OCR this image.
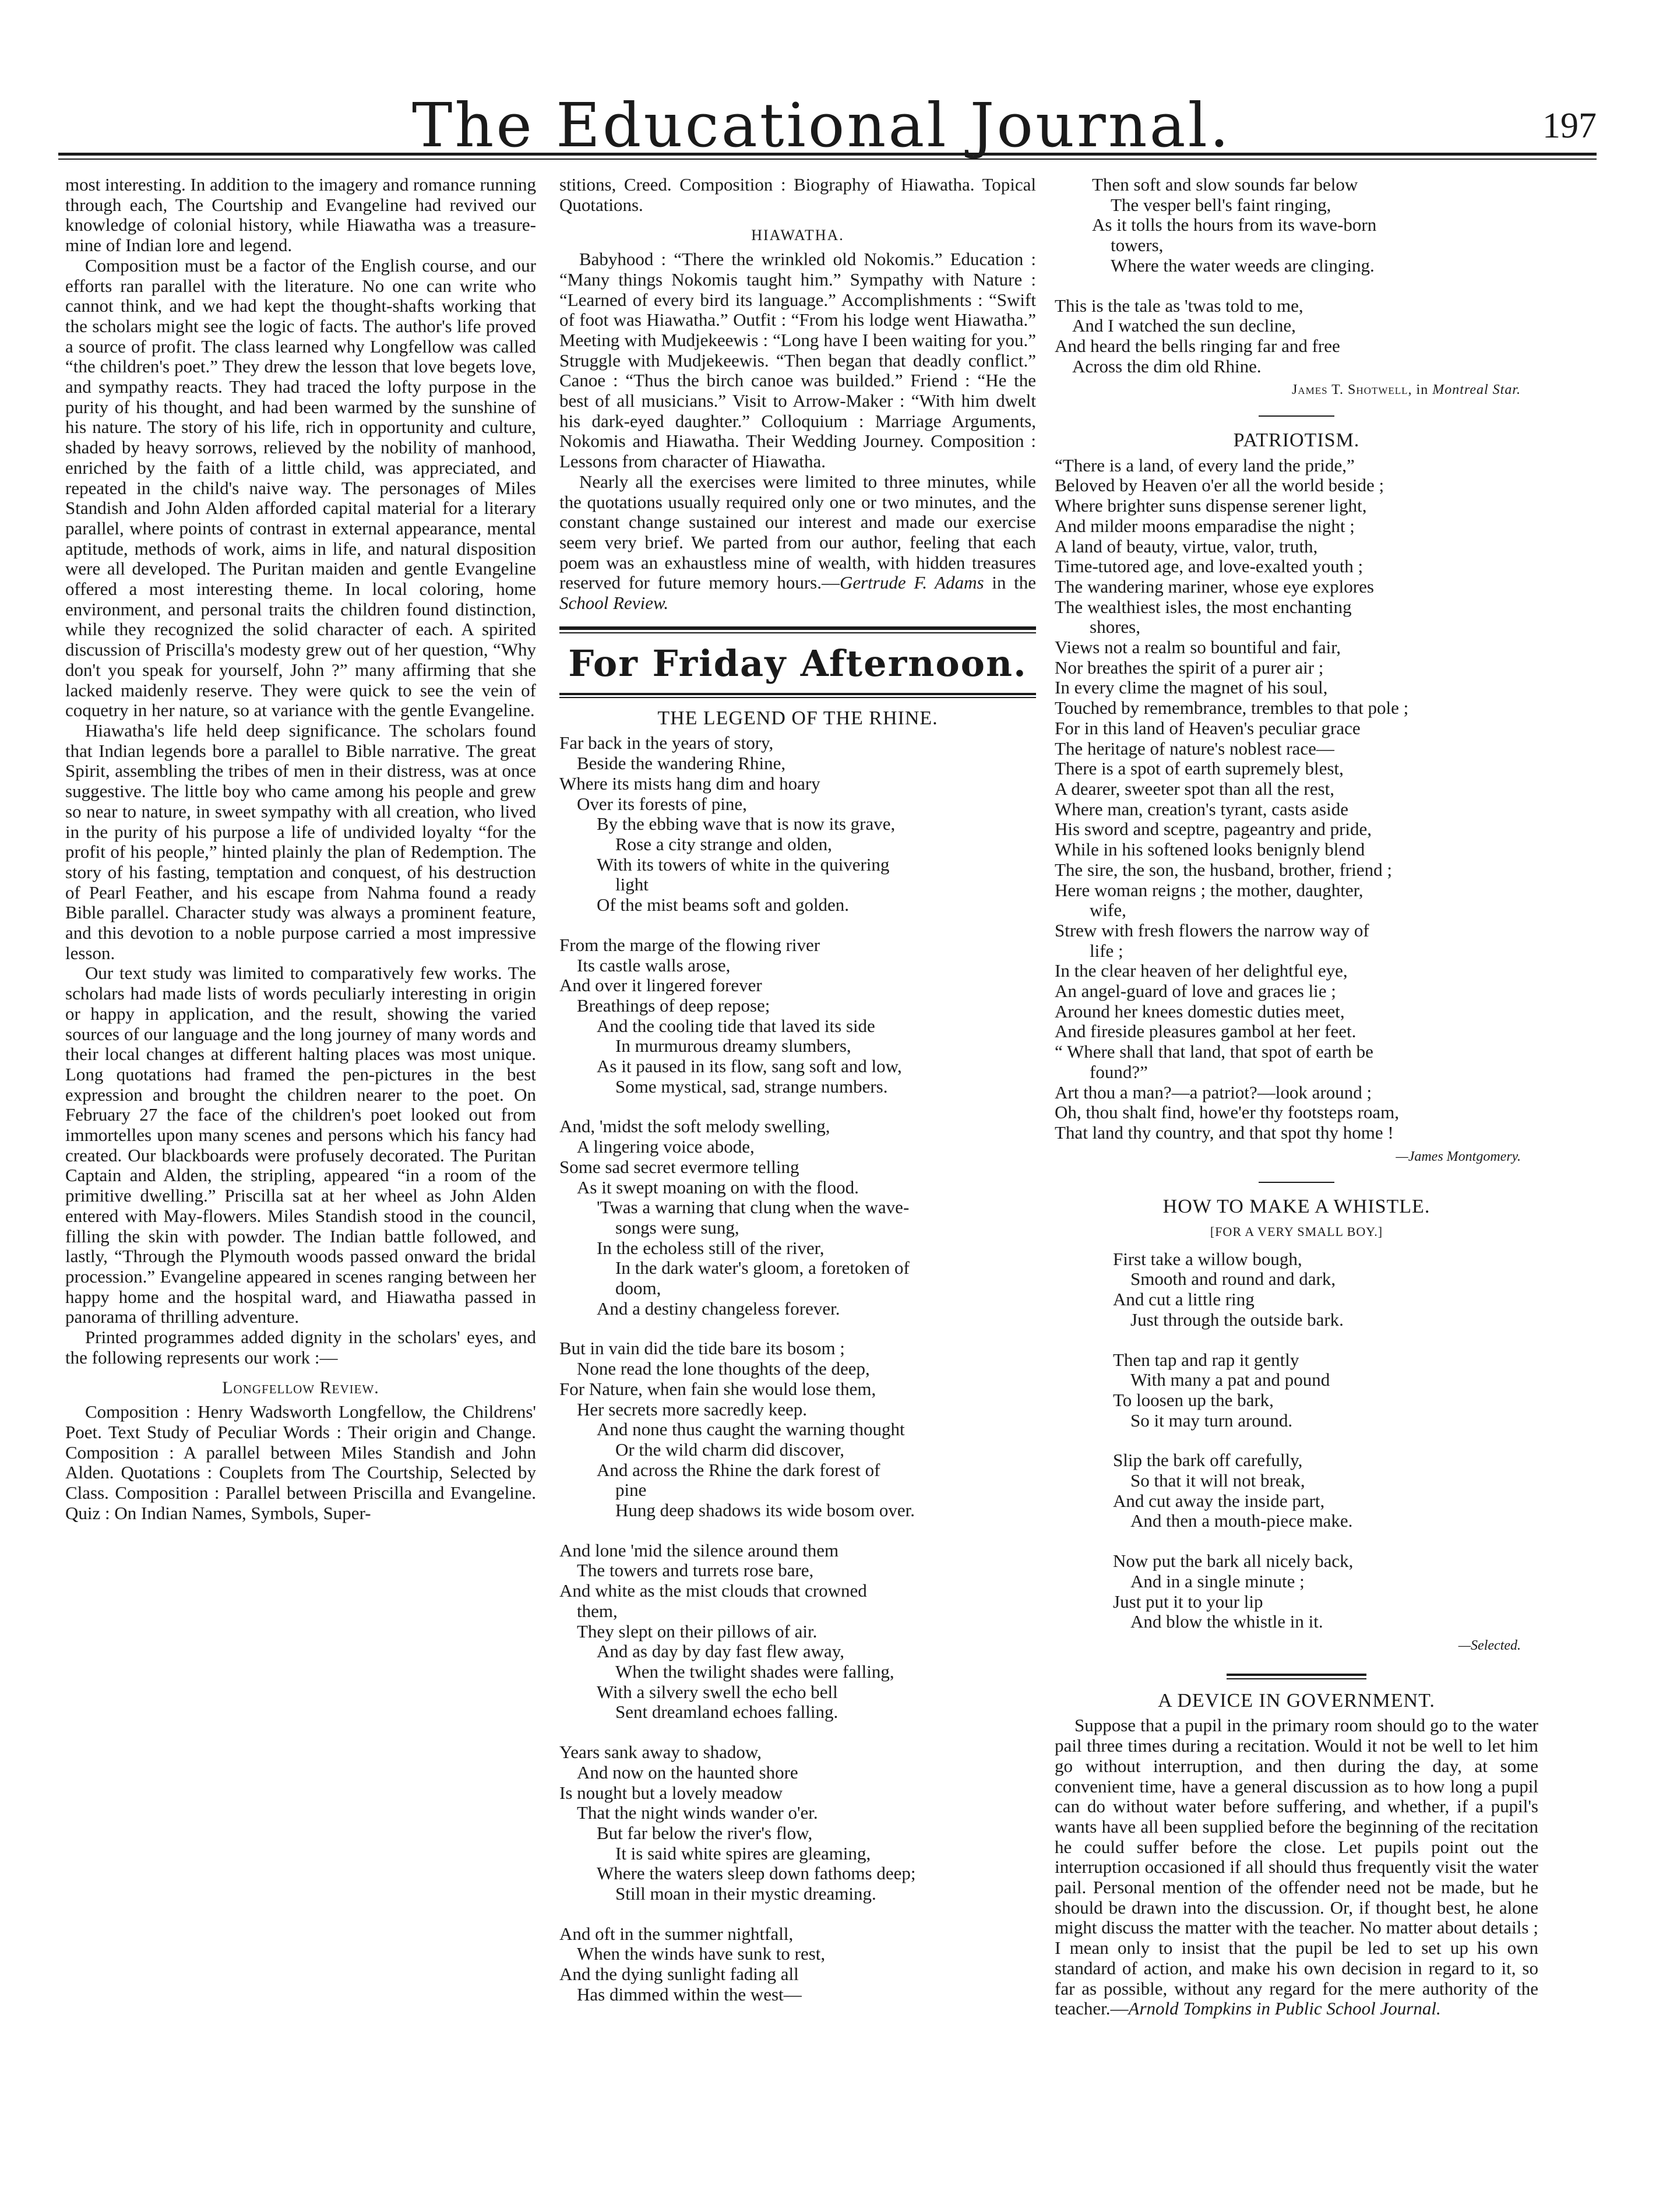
The Educational Journal.	197

most interesting. In addition to the imagery and romance running through each, The Courtship and Evangeline had revived our knowledge of colonial history, while Hiawatha was a treasure-mine of Indian lore and legend.

Composition must be a factor of the English course, and our efforts ran parallel with the literature. No one can write who cannot think, and we had kept the thought-shafts working that the scholars might see the logic of facts. The author's life proved a source of profit. The class learned why Longfellow was called “the children's poet.” They drew the lesson that love begets love, and sympathy reacts. They had traced the lofty purpose in the purity of his thought, and had been warmed by the sunshine of his nature. The story of his life, rich in opportunity and culture, shaded by heavy sorrows, relieved by the nobility of manhood, enriched by the faith of a little child, was appreciated, and repeated in the child's naive way. The personages of Miles Standish and John Alden afforded capital material for a literary parallel, where points of contrast in external appearance, mental aptitude, methods of work, aims in life, and natural disposition were all developed. The Puritan maiden and gentle Evangeline offered a most interesting theme. In local coloring, home environment, and personal traits the children found distinction, while they recognized the solid character of each. A spirited discussion of Priscilla's modesty grew out of her question, “Why don't you speak for yourself, John ?” many affirming that she lacked maidenly reserve. They were quick to see the vein of coquetry in her nature, so at variance with the gentle Evangeline.

Hiawatha's life held deep significance. The scholars found that Indian legends bore a parallel to Bible narrative. The great Spirit, assembling the tribes of men in their distress, was at once suggestive. The little boy who came among his people and grew so near to nature, in sweet sympathy with all creation, who lived in the purity of his purpose a life of undivided loyalty “for the profit of his people,” hinted plainly the plan of Redemption. The story of his fasting, temptation and conquest, of his destruction of Pearl Feather, and his escape from Nahma found a ready Bible parallel. Character study was always a prominent feature, and this devotion to a noble purpose carried a most impressive lesson.

Our text study was limited to comparatively few works. The scholars had made lists of words peculiarly interesting in origin or happy in application, and the result, showing the varied sources of our language and the long journey of many words and their local changes at different halting places was most unique. Long quotations had framed the pen-pictures in the best expression and brought the children nearer to the poet. On February 27 the face of the children's poet looked out from immortelles upon many scenes and persons which his fancy had created. Our blackboards were profusely decorated. The Puritan Captain and Alden, the stripling, appeared “in a room of the primitive dwelling.” Priscilla sat at her wheel as John Alden entered with May-flowers. Miles Standish stood in the council, filling the skin with powder. The Indian battle followed, and lastly, “Through the Plymouth woods passed onward the bridal procession.” Evangeline appeared in scenes ranging between her happy home and the hospital ward, and Hiawatha passed in panorama of thrilling adventure.

Printed programmes added dignity in the scholars' eyes, and the following represents our work :—

Longfellow Review.

Composition : Henry Wadsworth Longfellow, the Childrens' Poet. Text Study of Peculiar Words : Their origin and Change. Composition : A parallel between Miles Standish and John Alden. Quotations : Couplets from The Courtship, Selected by Class. Composition : Parallel between Priscilla and Evangeline. Quiz : On Indian Names, Symbols, Super-

stitions, Creed. Composition : Biography of Hiawatha. Topical Quotations.

HIAWATHA.

Babyhood : “There the wrinkled old Nokomis.” Education : “Many things Nokomis taught him.” Sympathy with Nature : “Learned of every bird its language.” Accomplishments : “Swift of foot was Hiawatha.” Outfit : “From his lodge went Hiawatha.” Meeting with Mudjekeewis : “Long have I been waiting for you.” Struggle with Mudjekeewis. “Then began that deadly conflict.” Canoe : “Thus the birch canoe was builded.” Friend : “He the best of all musicians.” Visit to Arrow-Maker : “With him dwelt his dark-eyed daughter.” Colloquium : Marriage Arguments, Nokomis and Hiawatha. Their Wedding Journey. Composition : Lessons from character of Hiawatha.

Nearly all the exercises were limited to three minutes, while the quotations usually required only one or two minutes, and the constant change sustained our interest and made our exercise seem very brief. We parted from our author, feeling that each poem was an exhaustless mine of wealth, with hidden treasures reserved for future memory hours.—Gertrude F. Adams in the School Review.

For Friday Afternoon.
THE LEGEND OF THE RHINE.
Far back in the years of story,
Beside the wandering Rhine,
Where its mists hang dim and hoary
Over its forests of pine,
By the ebbing wave that is now its grave,
Rose a city strange and olden,
With its towers of white in the quivering
light
Of the mist beams soft and golden.
From the marge of the flowing river
Its castle walls arose,
And over it lingered forever
Breathings of deep repose;
And the cooling tide that laved its side
In murmurous dreamy slumbers,
As it paused in its flow, sang soft and low,
Some mystical, sad, strange numbers.
And, 'midst the soft melody swelling,
A lingering voice abode,
Some sad secret evermore telling
As it swept moaning on with the flood.
'Twas a warning that clung when the wave-
songs were sung,
In the echoless still of the river,
In the dark water's gloom, a foretoken of
doom,
And a destiny changeless forever.
But in vain did the tide bare its bosom ;
None read the lone thoughts of the deep,
For Nature, when fain she would lose them,
Her secrets more sacredly keep.
And none thus caught the warning thought
Or the wild charm did discover,
And across the Rhine the dark forest of
pine
Hung deep shadows its wide bosom over.
And lone 'mid the silence around them
The towers and turrets rose bare,
And white as the mist clouds that crowned
them,
They slept on their pillows of air.
And as day by day fast flew away,
When the twilight shades were falling,
With a silvery swell the echo bell
Sent dreamland echoes falling.
Years sank away to shadow,
And now on the haunted shore
Is nought but a lovely meadow
That the night winds wander o'er.
But far below the river's flow,
It is said white spires are gleaming,
Where the waters sleep down fathoms deep;
Still moan in their mystic dreaming.
And oft in the summer nightfall,
When the winds have sunk to rest,
And the dying sunlight fading all
Has dimmed within the west—
Then soft and slow sounds far below
The vesper bell's faint ringing,
As it tolls the hours from its wave-born
towers,
Where the water weeds are clinging.
This is the tale as 'twas told to me,
And I watched the sun decline,
And heard the bells ringing far and free
Across the dim old Rhine.
James T. Shotwell, in Montreal Star.
PATRIOTISM.
“There is a land, of every land the pride,”
Beloved by Heaven o'er all the world beside ;
Where brighter suns dispense serener light,
And milder moons emparadise the night ;
A land of beauty, virtue, valor, truth,
Time-tutored age, and love-exalted youth ;
The wandering mariner, whose eye explores
The wealthiest isles, the most enchanting
shores,
Views not a realm so bountiful and fair,
Nor breathes the spirit of a purer air ;
In every clime the magnet of his soul,
Touched by remembrance, trembles to that pole ;
For in this land of Heaven's peculiar grace
The heritage of nature's noblest race—
There is a spot of earth supremely blest,
A dearer, sweeter spot than all the rest,
Where man, creation's tyrant, casts aside
His sword and sceptre, pageantry and pride,
While in his softened looks benignly blend
The sire, the son, the husband, brother, friend ;
Here woman reigns ; the mother, daughter,
wife,
Strew with fresh flowers the narrow way of
life ;
In the clear heaven of her delightful eye,
An angel-guard of love and graces lie ;
Around her knees domestic duties meet,
And fireside pleasures gambol at her feet.
“ Where shall that land, that spot of earth be
found?”
Art thou a man?—a patriot?—look around ;
Oh, thou shalt find, howe'er thy footsteps roam,
That land thy country, and that spot thy home !
—James Montgomery.
HOW TO MAKE A WHISTLE.
[FOR A VERY SMALL BOY.]
First take a willow bough,
Smooth and round and dark,
And cut a little ring
Just through the outside bark.
Then tap and rap it gently
With many a pat and pound
To loosen up the bark,
So it may turn around.
Slip the bark off carefully,
So that it will not break,
And cut away the inside part,
And then a mouth-piece make.
Now put the bark all nicely back,
And in a single minute ;
Just put it to your lip
And blow the whistle in it.
—Selected.
A DEVICE IN GOVERNMENT.

Suppose that a pupil in the primary room should go to the water pail three times during a recitation. Would it not be well to let him go without interruption, and then during the day, at some convenient time, have a general discussion as to how long a pupil can do without water before suffering, and whether, if a pupil's wants have all been supplied before the beginning of the recitation he could suffer before the close. Let pupils point out the interruption occasioned if all should thus frequently visit the water pail. Personal mention of the offender need not be made, but he should be drawn into the discussion. Or, if thought best, he alone might discuss the matter with the teacher. No matter about details ; I mean only to insist that the pupil be led to set up his own standard of action, and make his own decision in regard to it, so far as possible, without any regard for the mere authority of the teacher.—Arnold Tompkins in Public School Journal.
